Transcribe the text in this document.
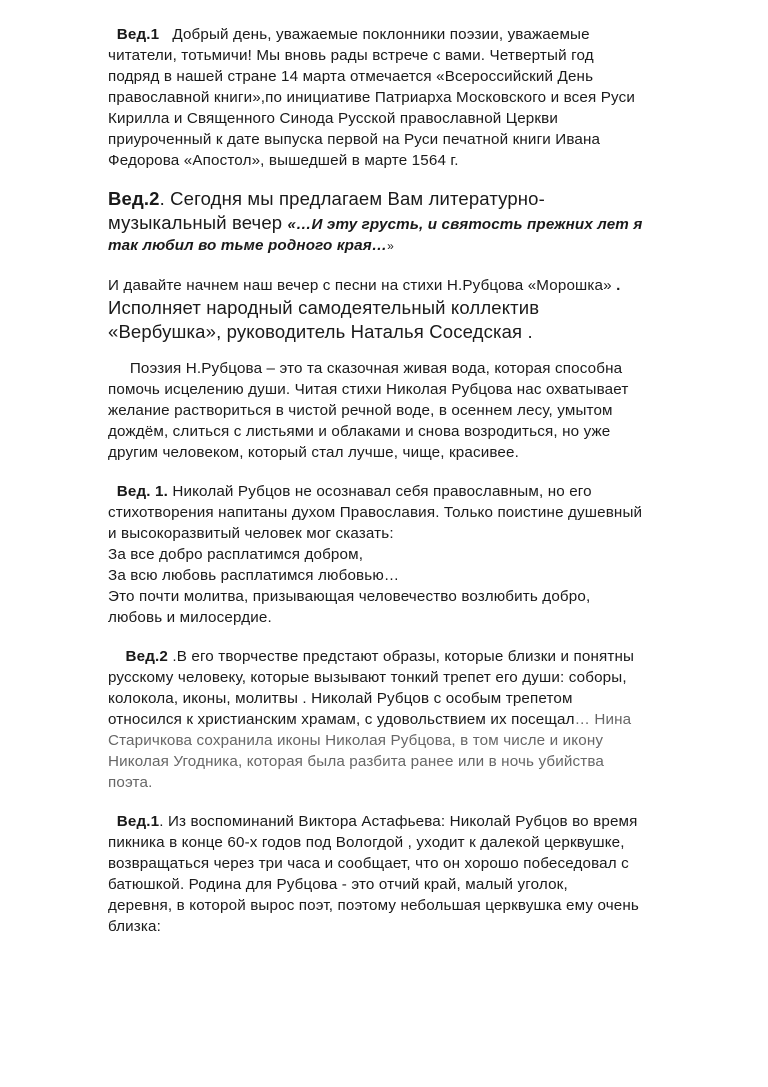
Вед.1 Добрый день, уважаемые поклонники поэзии, уважаемые
читатели, тотьмичи! Мы вновь рады встрече с вами. Четвертый год
подряд в нашей стране 14 марта отмечается «Всероссийский День
православной книги»,по инициативе Патриарха Московского и всея Руси
Кирилла и Священного Синода Русской православной Церкви
приуроченный к дате выпуска первой на Руси печатной книги Ивана
Федорова «Апостол», вышедшей в марте 1564 г.
Вед.2. Сегодня мы предлагаем Вам литературно-
музыкальный вечер «…И эту грусть, и святость прежних лет я
так любил во тьме родного края…»
И давайте начнем наш вечер с песни на стихи Н.Рубцова «Морошка» .
Исполняет народный самодеятельный коллектив
«Вербушка», руководитель Наталья Соседская .
Поэзия Н.Рубцова – это та сказочная живая вода, которая способна
помочь исцелению души. Читая стихи Николая Рубцова нас охватывает
желание раствориться в чистой речной воде, в осеннем лесу, умытом
дождём, слиться с листьями и облаками и снова возродиться, но уже
другим человеком, который стал лучше, чище, красивее.
Вед. 1. Николай Рубцов не осознавал себя православным, но его
стихотворения напитаны духом Православия. Только поистине душевный
и высокоразвитый человек мог сказать:
За все добро расплатимся добром,
За всю любовь расплатимся любовью…
Это почти молитва, призывающая человечество возлюбить добро,
любовь и милосердие.
Вед.2 .В его творчестве предстают образы, которые близки и понятны
русскому человеку, которые вызывают тонкий трепет его души: соборы,
колокола, иконы, молитвы . Николай Рубцов с особым трепетом
относился к христианским храмам, с удовольствием их посещал… Нина
Старичкова сохранила иконы Николая Рубцова, в том числе и икону
Николая Угодника, которая была разбита ранее или в ночь убийства
поэта.
Вед.1. Из воспоминаний Виктора Астафьева: Николай Рубцов во время
пикника в конце 60-х годов под Вологдой , уходит к далекой церквушке,
возвращаться через три часа и сообщает, что он хорошо побеседовал с
батюшкой. Родина для Рубцова - это отчий край, малый уголок,
деревня, в которой вырос поэт, поэтому небольшая церквушка ему очень
близка:
